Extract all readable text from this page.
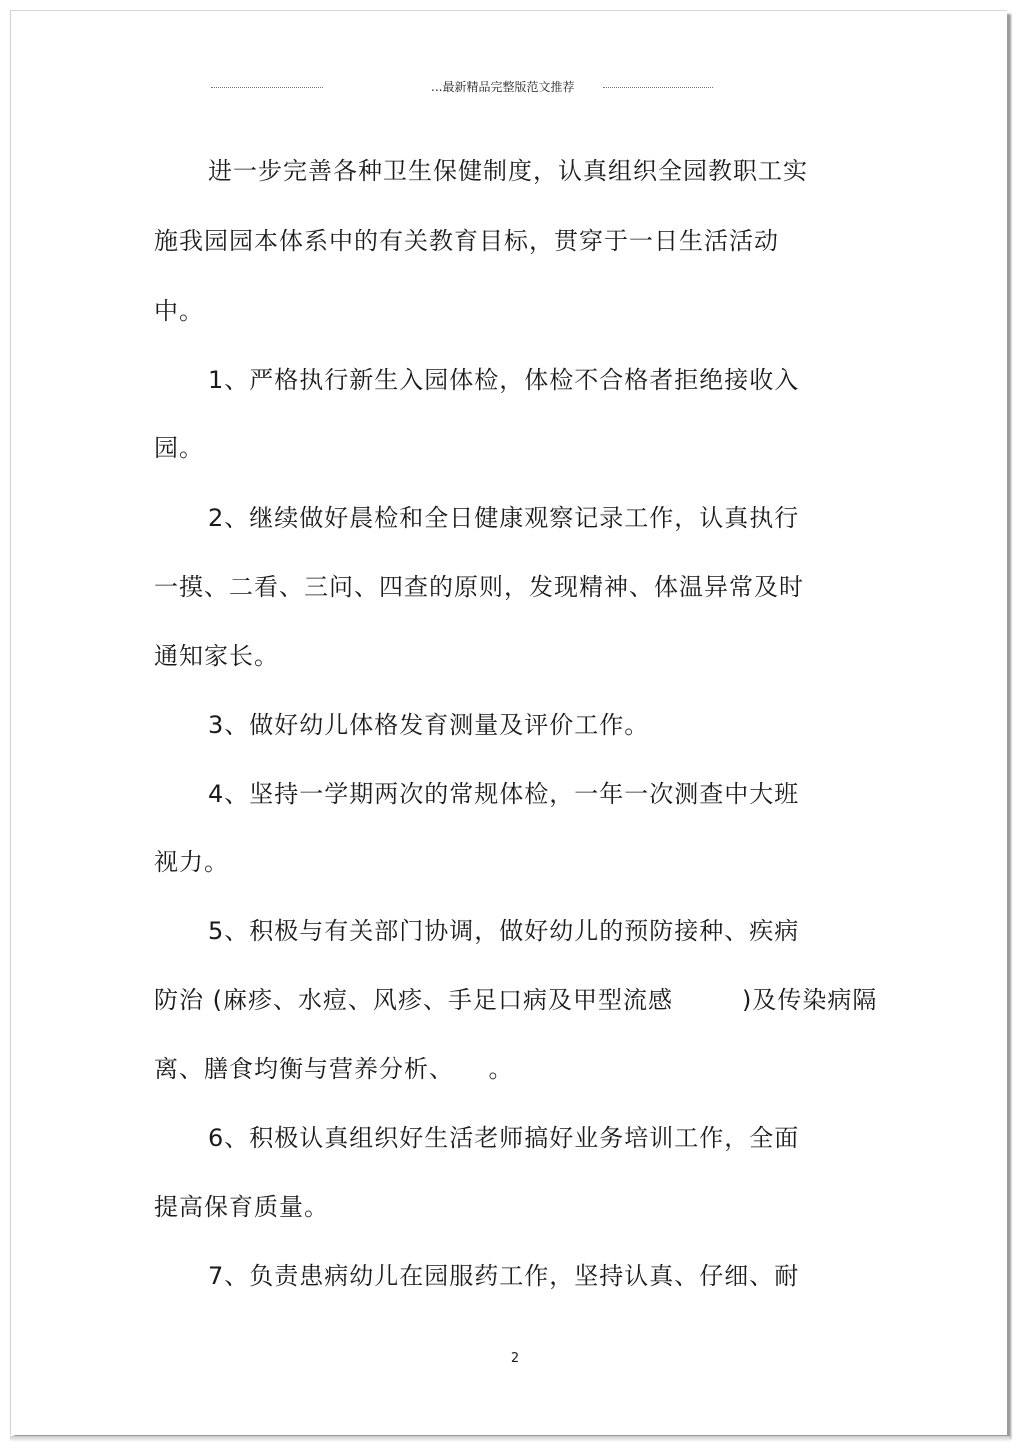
...最新精品完整版范文推荐
进一步完善各种卫生保健制度，认真组织全园教职工实
施我园园本体系中的有关教育目标，贯穿于一日生活活动
中。
1、严格执行新生入园体检，体检不合格者拒绝接收入
园。
2、继续做好晨检和全日健康观察记录工作，认真执行
一摸、二看、三问、四查的原则，发现精神、体温异常及时
通知家长。
3、做好幼儿体格发育测量及评价工作。
4、坚持一学期两次的常规体检，一年一次测查中大班
视力。
5、积极与有关部门协调，做好幼儿的预防接种、疾病
防治 (麻疹、水痘、风疹、手足口病及甲型流感        )及传染病隔
离、膳食均衡与营养分析、    。
6、积极认真组织好生活老师搞好业务培训工作，全面
提高保育质量。
7、负责患病幼儿在园服药工作，坚持认真、仔细、耐
2
